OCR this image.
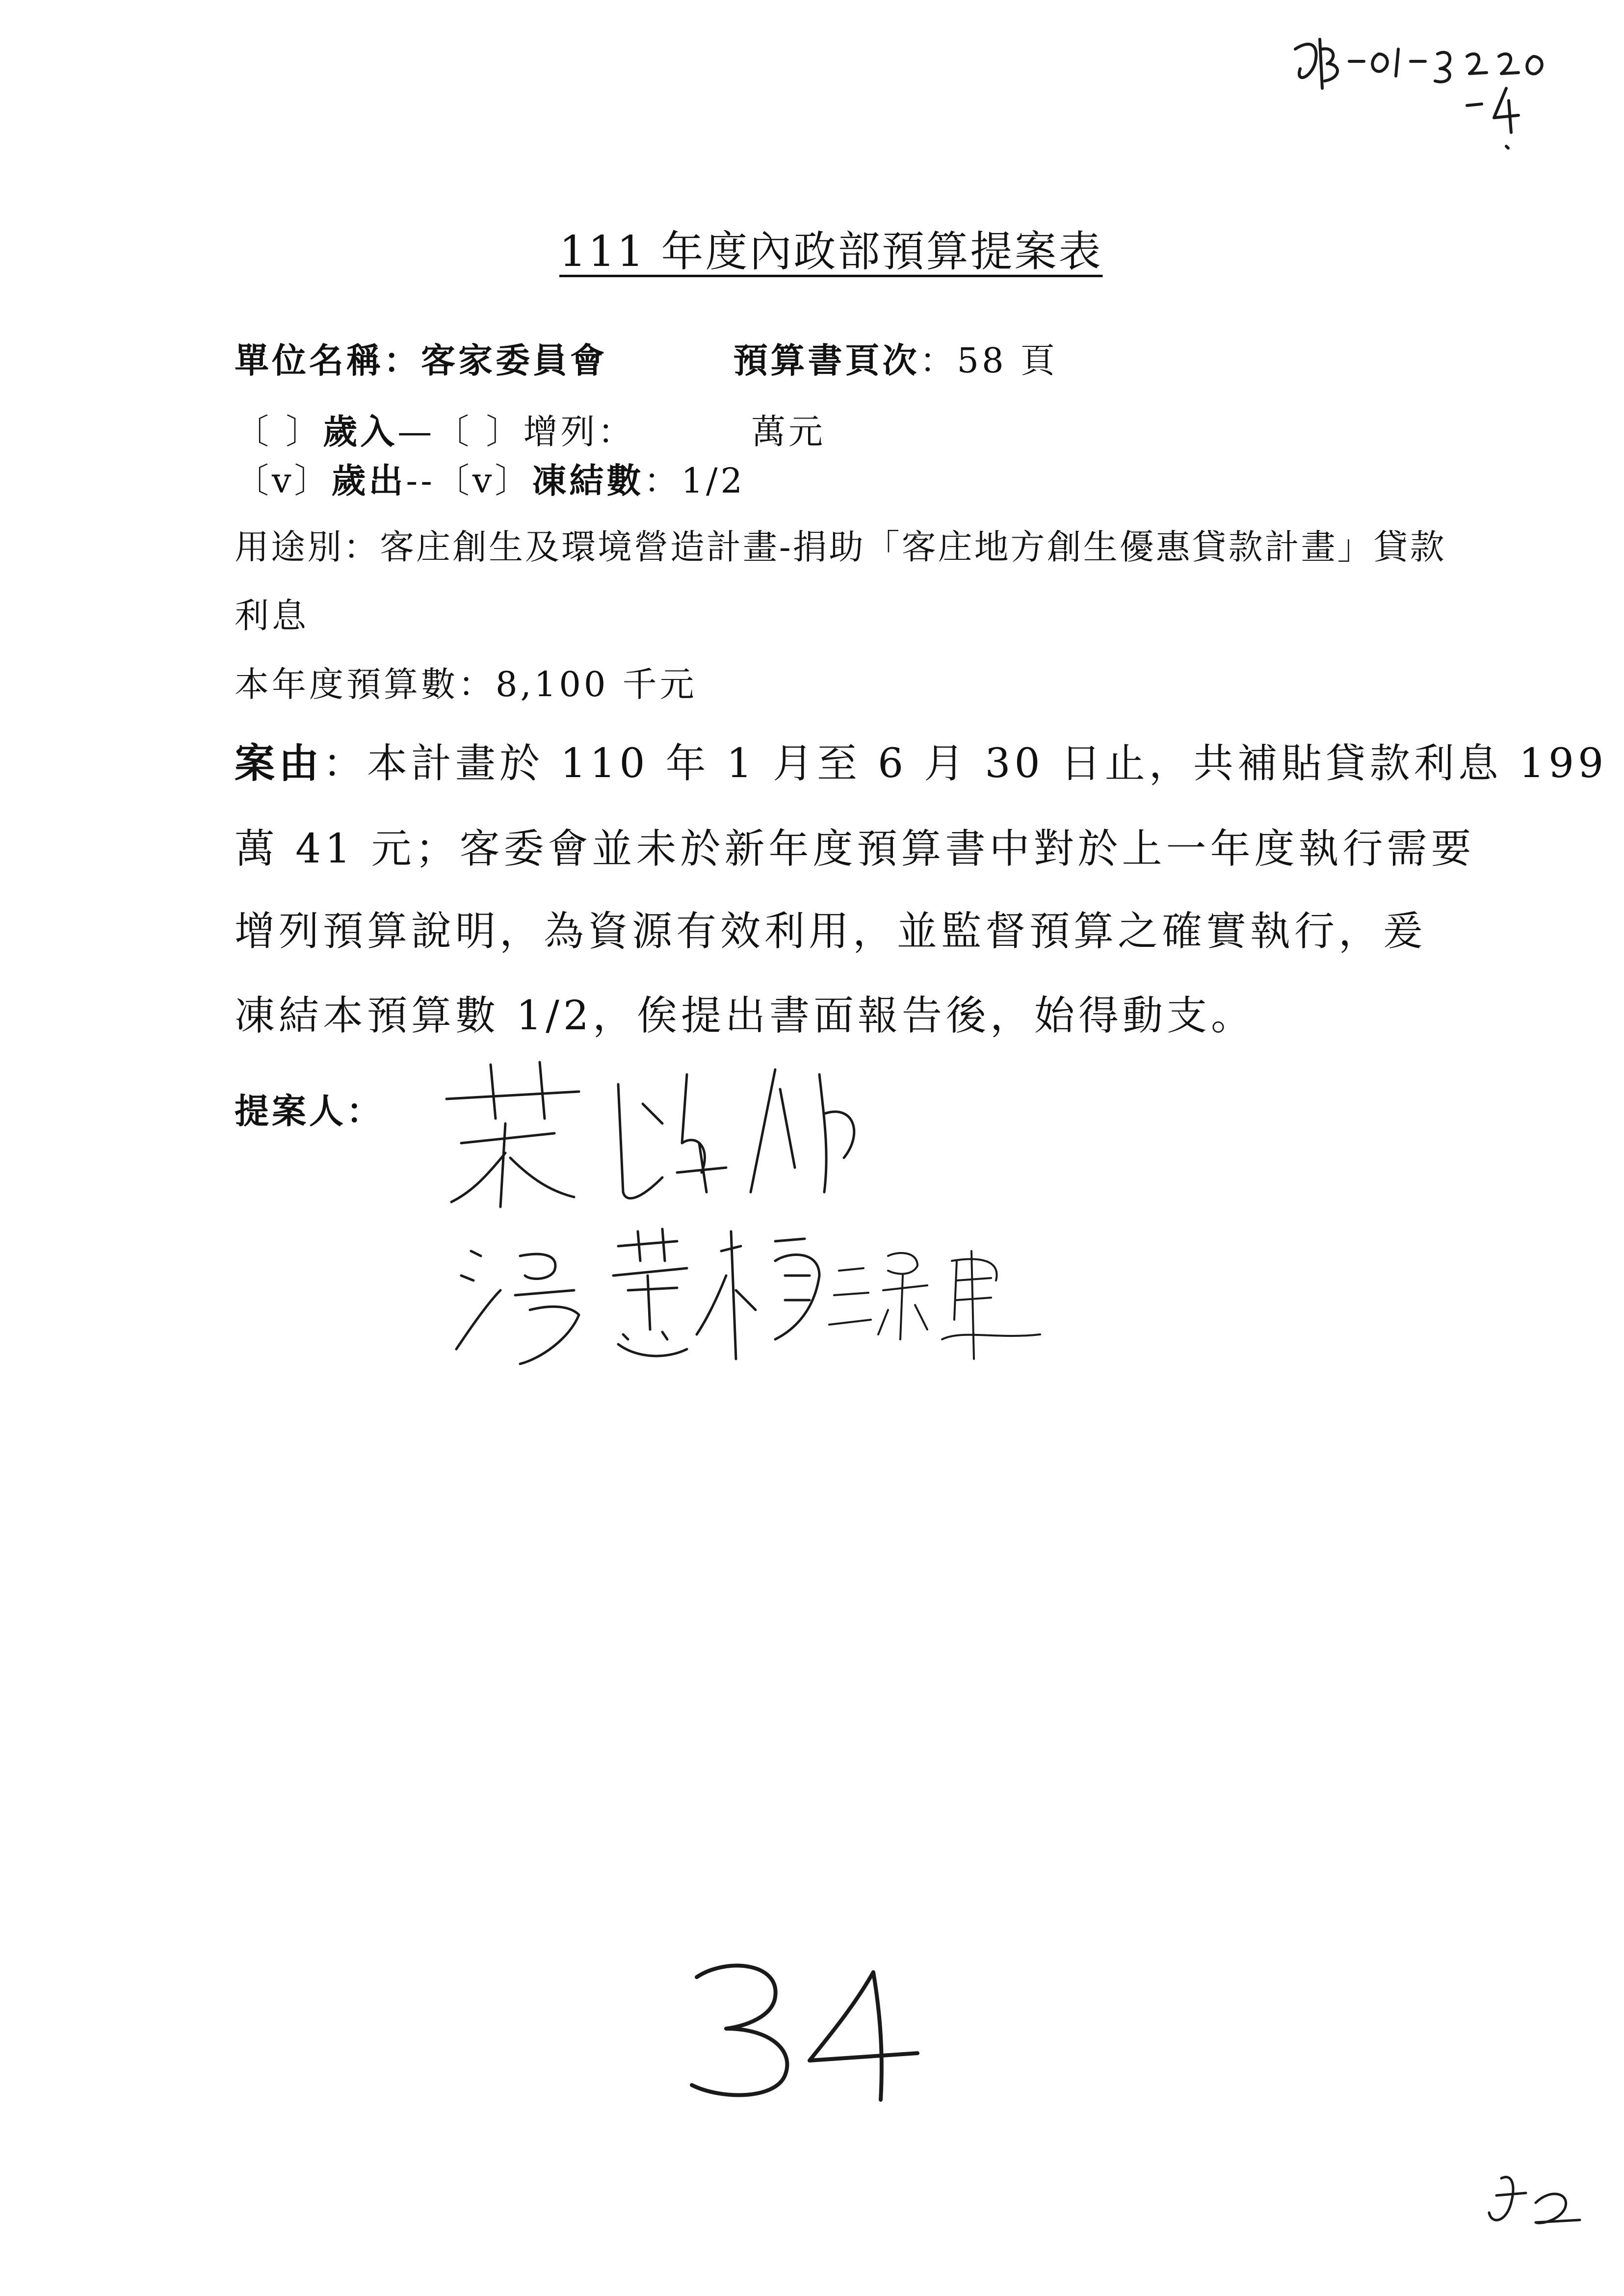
111 年度內政部預算提案表
單位名稱：客家委員會	預算書頁次：58 頁
〔 〕歲入—〔 〕增列：	萬元
〔v〕歲出--〔v〕凍結數：1/2
用途別：客庄創生及環境營造計畫-捐助「客庄地方創生優惠貸款計畫」貸款
利息
本年度預算數：8,100 千元
案由：本計畫於 110 年 1 月至 6 月 30 日止，共補貼貸款利息 199
萬 41 元；客委會並未於新年度預算書中對於上一年度執行需要
增列預算說明，為資源有效利用，並監督預算之確實執行，爰
凍結本預算數 1/2，俟提出書面報告後，始得動支。
提案人：
